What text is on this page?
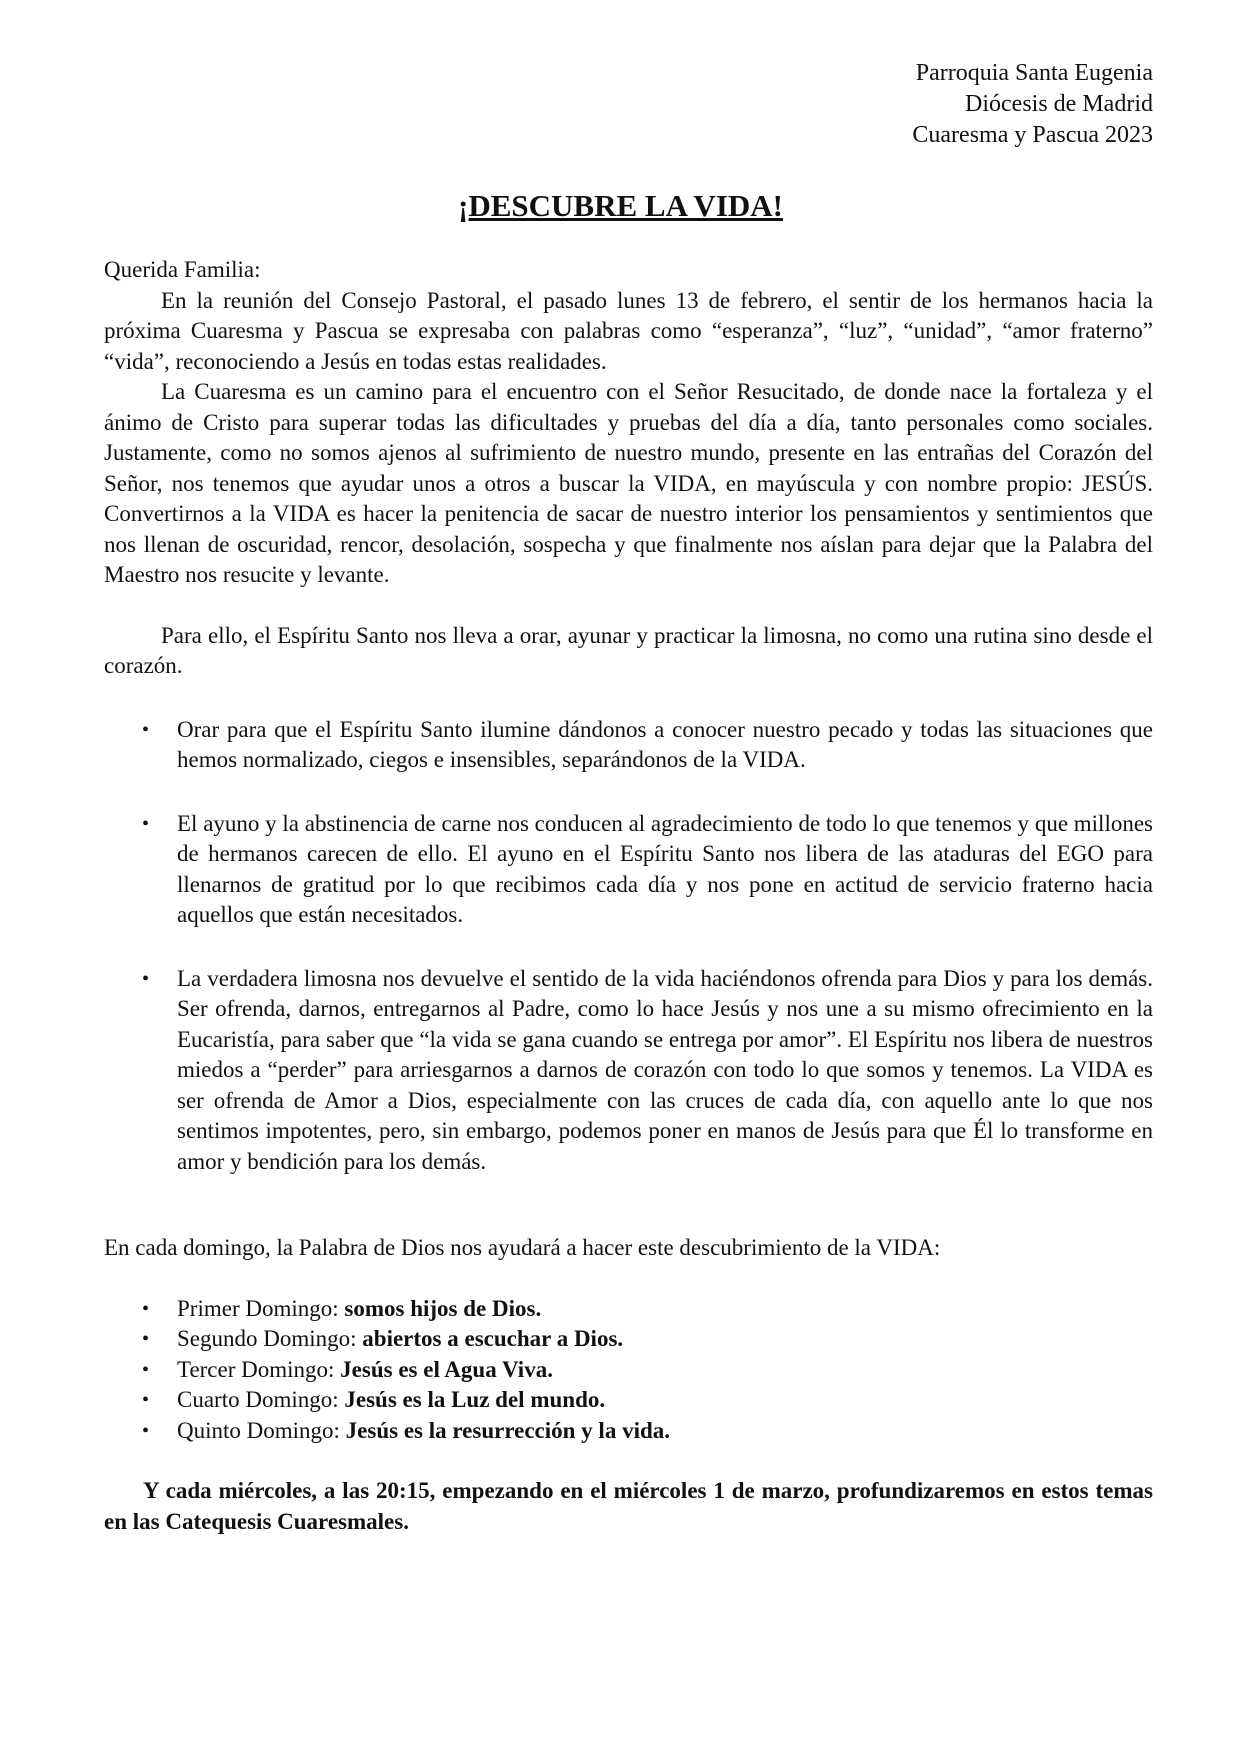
Parroquia Santa Eugenia
Diócesis de Madrid
Cuaresma y Pascua 2023
¡DESCUBRE LA VIDA!

Querida Familia:

En la reunión del Consejo Pastoral, el pasado lunes 13 de febrero, el sentir de los hermanos hacia la próxima Cuaresma y Pascua se expresaba con palabras como “esperanza”, “luz”, “unidad”, “amor fraterno” “vida”, reconociendo a Jesús en todas estas realidades.

La Cuaresma es un camino para el encuentro con el Señor Resucitado, de donde nace la fortaleza y el ánimo de Cristo para superar todas las dificultades y pruebas del día a día, tanto personales como sociales. Justamente, como no somos ajenos al sufrimiento de nuestro mundo, presente en las entrañas del Corazón del Señor, nos tenemos que ayudar unos a otros a buscar la VIDA, en mayúscula y con nombre propio: JESÚS. Convertirnos a la VIDA es hacer la penitencia de sacar de nuestro interior los pensamientos y sentimientos que nos llenan de oscuridad, rencor, desolación, sospecha y que finalmente nos aíslan para dejar que la Palabra del Maestro nos resucite y levante.

Para ello, el Espíritu Santo nos lleva a orar, ayunar y practicar la limosna, no como una rutina sino desde el corazón.

• Orar para que el Espíritu Santo ilumine dándonos a conocer nuestro pecado y todas las situaciones que hemos normalizado, ciegos e insensibles, separándonos de la VIDA.
• El ayuno y la abstinencia de carne nos conducen al agradecimiento de todo lo que tenemos y que millones de hermanos carecen de ello. El ayuno en el Espíritu Santo nos libera de las ataduras del EGO para llenarnos de gratitud por lo que recibimos cada día y nos pone en actitud de servicio fraterno hacia aquellos que están necesitados.
• La verdadera limosna nos devuelve el sentido de la vida haciéndonos ofrenda para Dios y para los demás. Ser ofrenda, darnos, entregarnos al Padre, como lo hace Jesús y nos une a su mismo ofrecimiento en la Eucaristía, para saber que “la vida se gana cuando se entrega por amor”. El Espíritu nos libera de nuestros miedos a “perder” para arriesgarnos a darnos de corazón con todo lo que somos y tenemos. La VIDA es ser ofrenda de Amor a Dios, especialmente con las cruces de cada día, con aquello ante lo que nos sentimos impotentes, pero, sin embargo, podemos poner en manos de Jesús para que Él lo transforme en amor y bendición para los demás.

En cada domingo, la Palabra de Dios nos ayudará a hacer este descubrimiento de la VIDA:

• Primer Domingo: somos hijos de Dios.
• Segundo Domingo: abiertos a escuchar a Dios.
• Tercer Domingo: Jesús es el Agua Viva.
• Cuarto Domingo: Jesús es la Luz del mundo.
• Quinto Domingo: Jesús es la resurrección y la vida.

Y cada miércoles, a las 20:15, empezando en el miércoles 1 de marzo, profundizaremos en estos temas en las Catequesis Cuaresmales.
